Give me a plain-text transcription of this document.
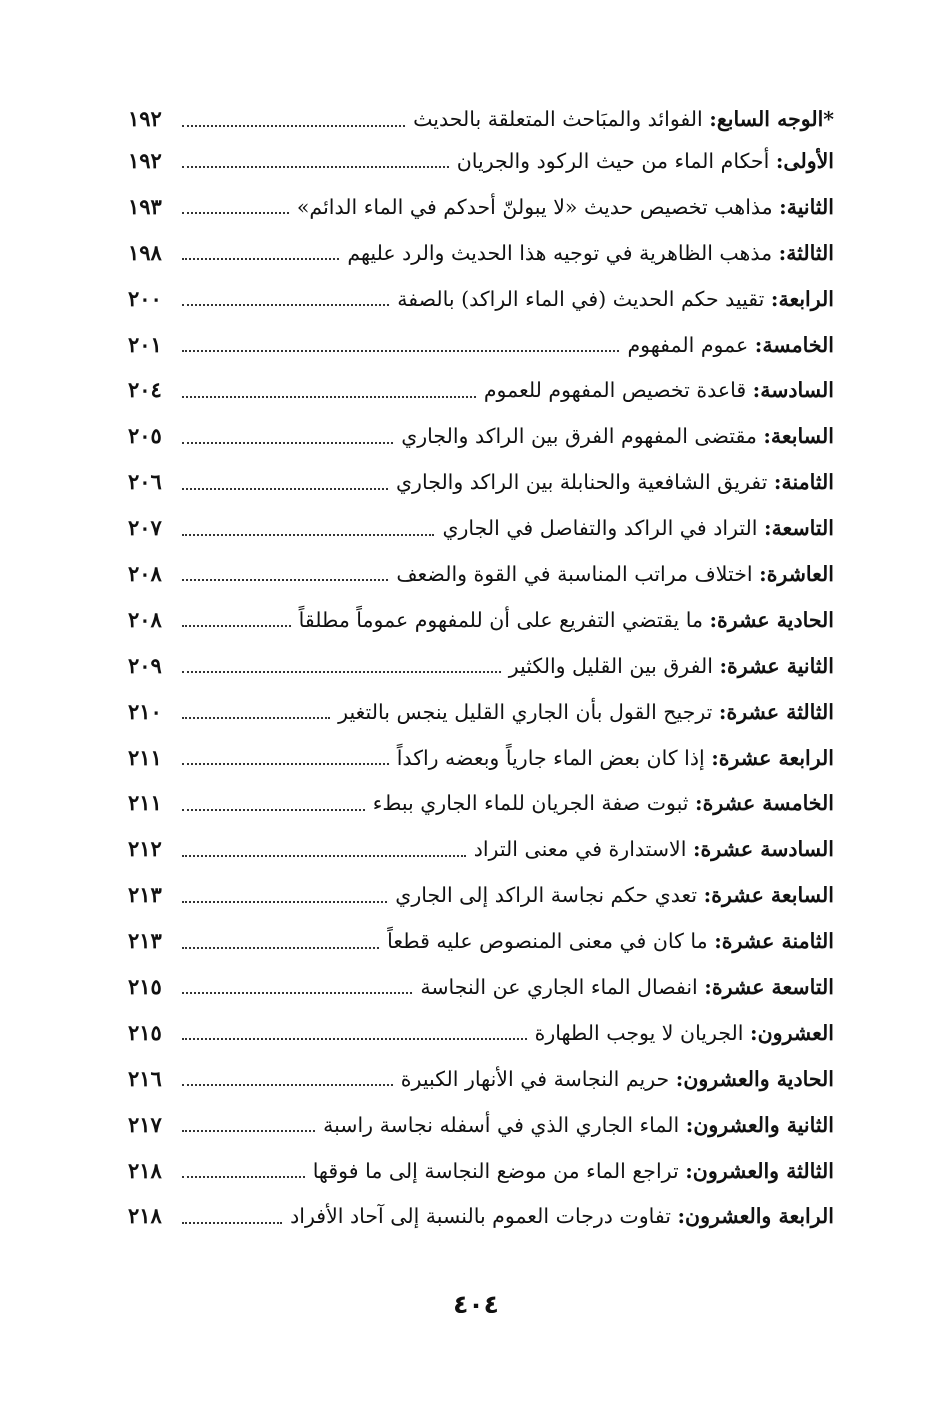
*الوجه السابع: الفوائد والمبَاحث المتعلقة بالحديث
١٩٢
الأولى: أحكام الماء من حيث الركود والجريان
١٩٢
الثانية: مذاهب تخصيص حديث «لا يبولنّ أحدكم في الماء الدائم»
١٩٣
الثالثة: مذهب الظاهرية في توجيه هذا الحديث والرد عليهم
١٩٨
الرابعة: تقييد حكم الحديث (في الماء الراكد) بالصفة
٢٠٠
الخامسة: عموم المفهوم
٢٠١
السادسة: قاعدة تخصيص المفهوم للعموم
٢٠٤
السابعة: مقتضى المفهوم الفرق بين الراكد والجاري
٢٠٥
الثامنة: تفريق الشافعية والحنابلة بين الراكد والجاري
٢٠٦
التاسعة: التراد في الراكد والتفاصل في الجاري
٢٠٧
العاشرة: اختلاف مراتب المناسبة في القوة والضعف
٢٠٨
الحادية عشرة: ما يقتضي التفريع على أن للمفهوم عموماً مطلقاً
٢٠٨
الثانية عشرة: الفرق بين القليل والكثير
٢٠٩
الثالثة عشرة: ترجيح القول بأن الجاري القليل ينجس بالتغير
٢١٠
الرابعة عشرة: إذا كان بعض الماء جارياً وبعضه راكداً
٢١١
الخامسة عشرة: ثبوت صفة الجريان للماء الجاري ببطء
٢١١
السادسة عشرة: الاستدارة في معنى التراد
٢١٢
السابعة عشرة: تعدي حكم نجاسة الراكد إلى الجاري
٢١٣
الثامنة عشرة: ما كان في معنى المنصوص عليه قطعاً
٢١٣
التاسعة عشرة: انفصال الماء الجاري عن النجاسة
٢١٥
العشرون: الجريان لا يوجب الطهارة
٢١٥
الحادية والعشرون: حريم النجاسة في الأنهار الكبيرة
٢١٦
الثانية والعشرون: الماء الجاري الذي في أسفله نجاسة راسبة
٢١٧
الثالثة والعشرون: تراجع الماء من موضع النجاسة إلى ما فوقها
٢١٨
الرابعة والعشرون: تفاوت درجات العموم بالنسبة إلى آحاد الأفراد
٢١٨
٤٠٤
